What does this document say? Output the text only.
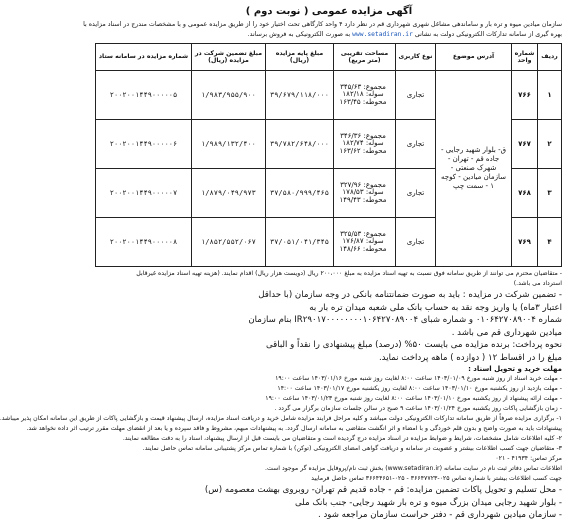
آگهی مزایده عمومی ( نوبت دوم )

سازمان میادین میوه و تره بار و ساماندهی مشاغل شهری شهرداری قم در نظر دارد ۴ واحد کارگاهی تحت اختیار خود را از طریق مزایده عمومی و با مشخصات مندرج در اسناد مزایده با

بهره گیری از سامانه تدارکات الکترونیکی دولت به نشانی www.setadiran.ir به صورت الکترونیکی به فروش برساند.

ردیف	شماره واحد	آدرس موضوع	نوع کاربری	مساحت تقریبی (متر مربع)	مبلغ پایه مزایده (ریال)	مبلغ تضمین شرکت در مزایده (ریال)	شماره مزایده در سامانه ستاد
۱	۷۶۶	ق- بلوار شهید رجایی - جاده قم - تهران - شهرک صنعتی - سازمان میادین - کوچه ۱ - سمت چپ	تجاری	مجموع: ۳۴۵/۶۳
سوله: ۱۸۲/۱۸
محوطه: ۱۶۳/۴۵	۳۹/۶۷۹/۱۱۸/۰۰۰	۱/۹۸۳/۹۵۵/۹۰۰	۲۰۰۲۰۰۱۴۴۹۰۰۰۰۰۵
۲	۷۶۷		تجاری	مجموع: ۳۴۶/۳۶
سوله: ۱۸۲/۷۴
محوطه: ۱۶۳/۶۲	۳۹/۷۸۲/۶۴۸/۰۰۰	۱/۹۸۹/۱۳۲/۴۰۰	۲۰۰۲۰۰۱۴۴۹۰۰۰۰۰۶
۳	۷۶۸		تجاری	مجموع: ۳۲۷/۹۶
سوله: ۱۷۸/۵۳
محوطه: ۱۴۹/۴۳	۳۷/۵۸۰/۹۹۹/۴۶۵	۱/۸۷۹/۰۴۹/۹۷۳	۲۰۰۲۰۰۱۴۴۹۰۰۰۰۰۷
۴	۷۶۹		تجاری	مجموع: ۳۲۵/۵۳
سوله: ۱۷۶/۸۷
محوطه: ۱۴۸/۶۶	۳۷/۰۵۱/۰۴۱/۳۴۵	۱/۸۵۲/۵۵۲/۰۶۷	۲۰۰۲۰۰۱۴۴۹۰۰۰۰۰۸

- متقاضیان محترم می توانند از طریق سامانه فوق نسبت به تهیه اسناد مزایده به مبلغ ۲۰۰،۰۰۰ ریال (دویست هزار ریال) اقدام نمایند. (هزینه تهیه اسناد مزایده غیرقابل

استرداد می باشد.)

- تضمین شرکت در مزایده : باید به صورت ضمانتنامه بانکی در وجه سازمان (با حداقل

اعتبار ۳ماه) یا واریز وجه نقد به حساب بانک ملی شعبه میدان تره بار به

شماره ۰۱۰۶۴۲۷۰۸۹۰۰۴ و شماره شبای IR۲۹۰۱۷۰۰۰۰۰۰۰۰۱۰۶۴۲۷۰۸۹۰۰۴ بنام سازمان

میادین شهرداری قم می باشد .

نحوه پرداخت: برنده مزایده می بایست ۵۰% (درصد) مبلغ پیشنهادی را نقداً و الباقی

مبلغ را در اقساط ۱۲ ( دوازده ) ماهه پرداخت نماید.

مهلت خرید و تحویل اسناد :

- مهلت خرید اسناد از روز شنبه مورخ ۱۴۰۳/۰۱/۰۹ ساعت ۸:۰۰ لغایت روز شنبه مورخ ۱۴۰۳/۰۱/۱۶ ساعت ۱۹:۰۰

- مهلت بازدید از روز یکشنبه مورخ ۱۴۰۳/۰۱/۱۰ ساعت ۸:۰۰ لغایت روز یکشنبه مورخ ۱۴۰۳/۰۱/۱۷ ساعت ۱۴:۰۰

- مهلت ارائه پیشنهاد از روز یکشنبه مورخ ۱۴۰۳/۰۱/۱۰ ساعت ۸:۰۰ لغایت روز شنبه مورخ ۱۴۰۳/۰۱/۲۳ ساعت ۱۹:۰۰

- زمان بازگشایی پاکات روز یکشنبه مورخ ۱۴۰۳/۰۱/۲۴ ساعت ۹ صبح در سالن جلسات سازمان برگزار می گردد .

۱- برگزاری مزایده صرفاً از طریق سامانه تدارکات الکترونیکی دولت میباشد و کلیه مراحل فرایند مزایده شامل خرید و دریافت اسناد مزایده، ارسال پیشنهاد قیمت و بازگشایی پاکات از طریق این سامانه امکان پذیر میباشد.

پیشنهادات باید به صورت واضح و بدون قلم خوردگی و با امضاء و اثر انگشت متقاضی به سامانه ارسال گردد. به پیشنهادات مبهم، مشروط و فاقد سپرده و یا بعد از انقضای مهلت مقرر ترتیب اثر داده نخواهد شد.

۲- کلیه اطلاعات شامل مشخصات، شرایط و ضوابط مزایده در اسناد مزایده درج گردیده است و متقاضیان می بایست قبل از ارسال پیشنهاد، اسناد را به دقت مطالعه نمایند.

۳- متقاضیان جهت کسب اطلاعات بیشتر و عضویت در سامانه و دریافت گواهی امضای الکترونیکی (توکن) با شماره تماس مرکز پشتیبانی سامانه تماس حاصل نمایند.

مرکز تماس: ۴۱۹۳۴ - ۰۲۱

اطلاعات تماس دفاتر ثبت نام در سایت سامانه (www.setadiran.ir) بخش ثبت نام/پروفایل مزایده گر موجود است.

جهت کسب اطلاعات بیشتر با شماره تماس ۰۲۵-۳۶۶۴۷۷۲۳ - ۰۲۵-۳۶۶۴۴۶۵۱ تماس حاصل فرمایید

- محل تسلیم و تحویل پاکات تضمین مزایده: قم - جاده قدیم قم تهران- روبروی بهشت معصومه (س)

- بلوار شهید رجایی میدان بزرگ میوه و تره بار شهید رجایی- جنب بانک ملی

- سازمان میادین شهرداری قم - دفتر حراست سازمان مراجعه شود .
